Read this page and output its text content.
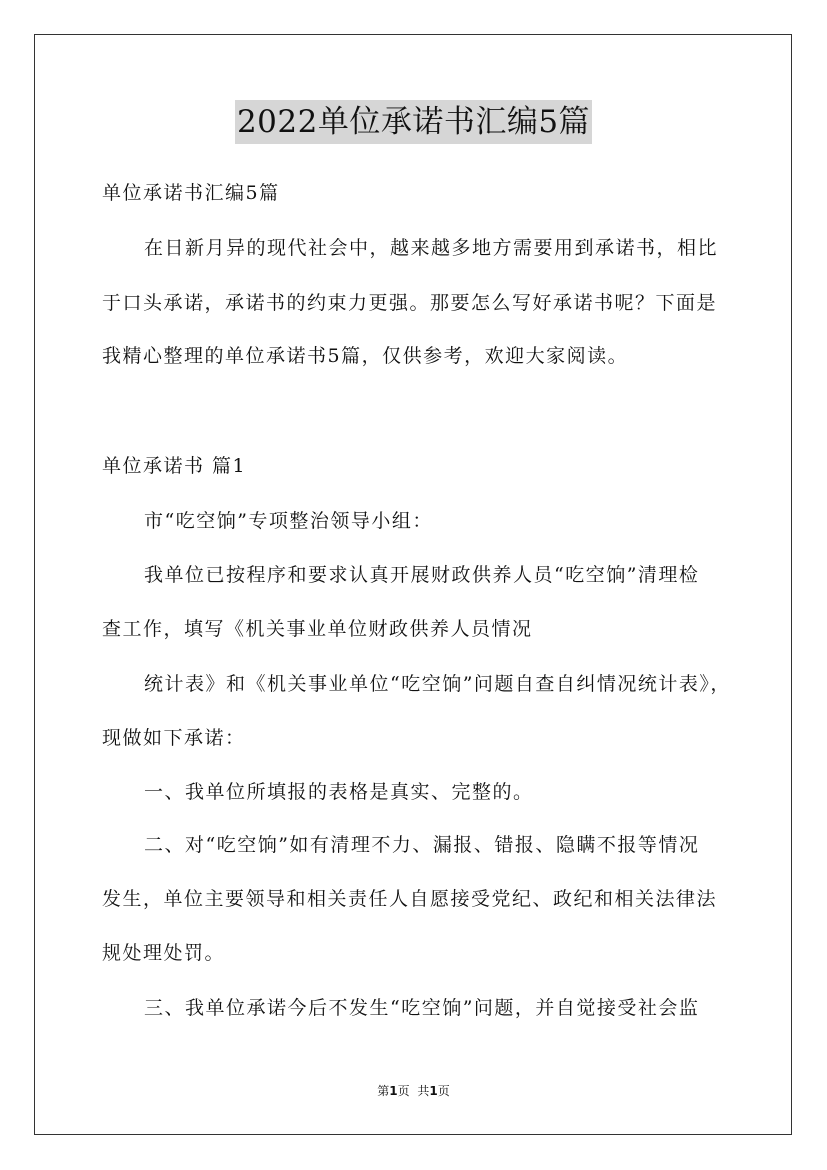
2022单位承诺书汇编5篇
单位承诺书汇编5篇
在日新月异的现代社会中，越来越多地方需要用到承诺书，相比
于口头承诺，承诺书的约束力更强。那要怎么写好承诺书呢？下面是
我精心整理的单位承诺书5篇，仅供参考，欢迎大家阅读。
单位承诺书 篇1
市“吃空饷”专项整治领导小组：
我单位已按程序和要求认真开展财政供养人员“吃空饷”清理检
查工作，填写《机关事业单位财政供养人员情况
统计表》和《机关事业单位“吃空饷”问题自查自纠情况统计表》，
现做如下承诺：
一、我单位所填报的表格是真实、完整的。
二、对“吃空饷”如有清理不力、漏报、错报、隐瞒不报等情况
发生，单位主要领导和相关责任人自愿接受党纪、政纪和相关法律法
规处理处罚。
三、我单位承诺今后不发生“吃空饷”问题，并自觉接受社会监
第1页 共1页
